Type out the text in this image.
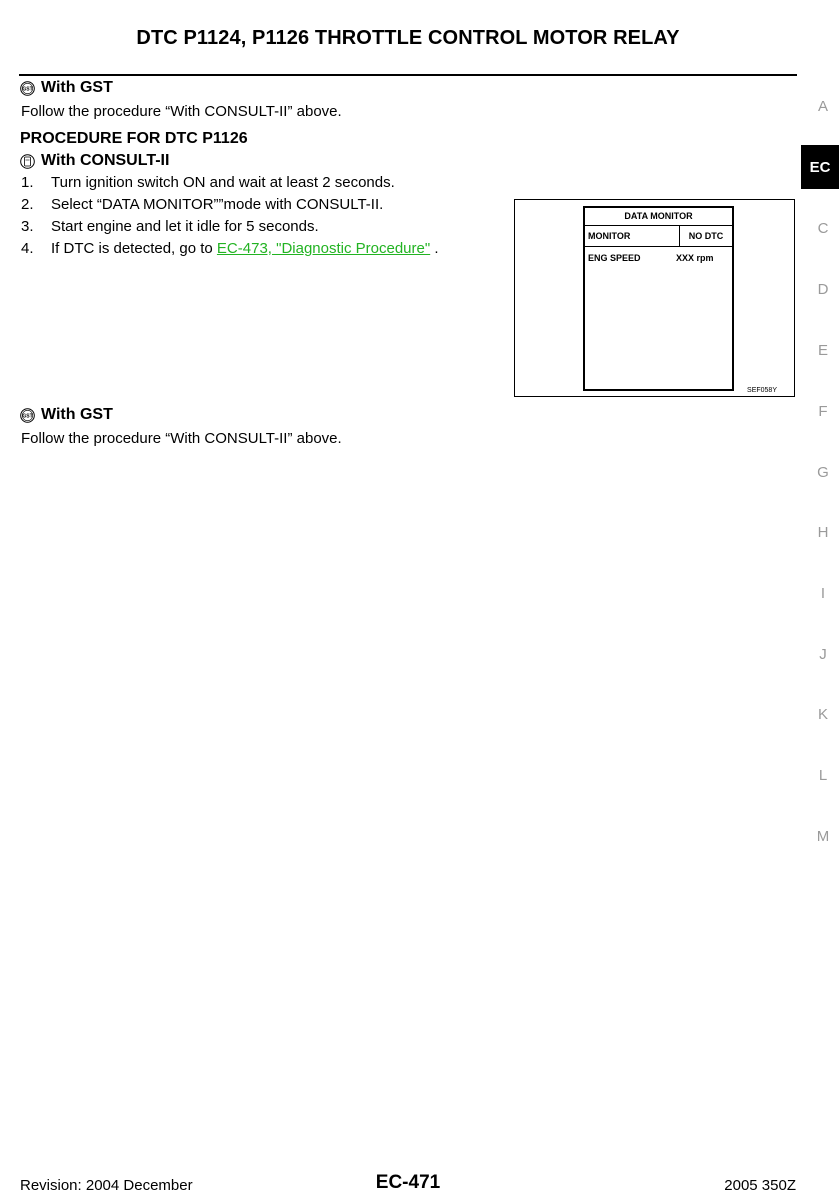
DTC P1124, P1126 THROTTLE CONTROL MOTOR RELAY
GST With GST
Follow the procedure “With CONSULT-II” above.
PROCEDURE FOR DTC P1126
With CONSULT-II
1. Turn ignition switch ON and wait at least 2 seconds.
2. Select “DATA MONITOR””mode with CONSULT-II.
3. Start engine and let it idle for 5 seconds.
4. If DTC is detected, go to EC-473, "Diagnostic Procedure" .
DATA MONITOR
MONITOR	NO DTC
ENG SPEED	XXX rpm
SEF058Y
GST With GST
Follow the procedure “With CONSULT-II” above.
A
EC
C
D
E
F
G
H
I
J
K
L
M
Revision: 2004 December	EC-471	2005 350Z
